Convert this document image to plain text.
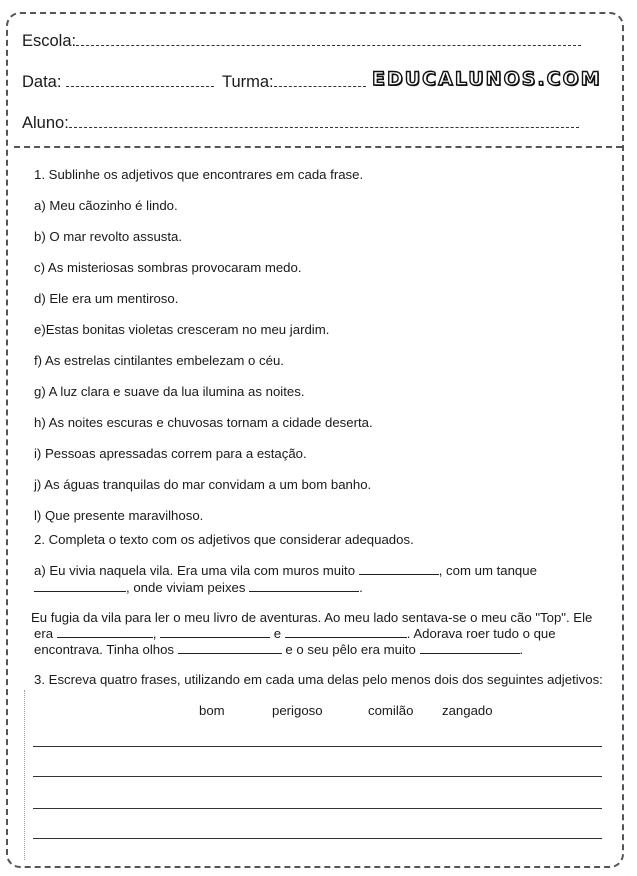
Escola:
Data:	Turma:	EDUCALUNOS.COM
Aluno:
1. Sublinhe os adjetivos que encontrares em cada frase.
a) Meu cãozinho é lindo.
b) O mar revolto assusta.
c) As misteriosas sombras provocaram medo.
d) Ele era um mentiroso.
e)Estas bonitas violetas cresceram no meu jardim.
f) As estrelas cintilantes embelezam o céu.
g) A luz clara e suave da lua ilumina as noites.
h) As noites escuras e chuvosas tornam a cidade deserta.
i) Pessoas apressadas correm para a estação.
j) As águas tranquilas do mar convidam a um bom banho.
l) Que presente maravilhoso.
2. Completa o texto com os adjetivos que considerar adequados.
a) Eu vivia naquela vila. Era uma vila com muros muito	, com um tanque
, onde viviam peixes	.
Eu fugia da vila para ler o meu livro de aventuras. Ao meu lado sentava-se o meu cão "Top". Ele
era	,	e	. Adorava roer tudo o que
encontrava. Tinha olhos	e o seu pêlo era muito	.
3. Escreva quatro frases, utilizando em cada uma delas pelo menos dois dos seguintes adjetivos:
bom	perigoso	comilão zangado
